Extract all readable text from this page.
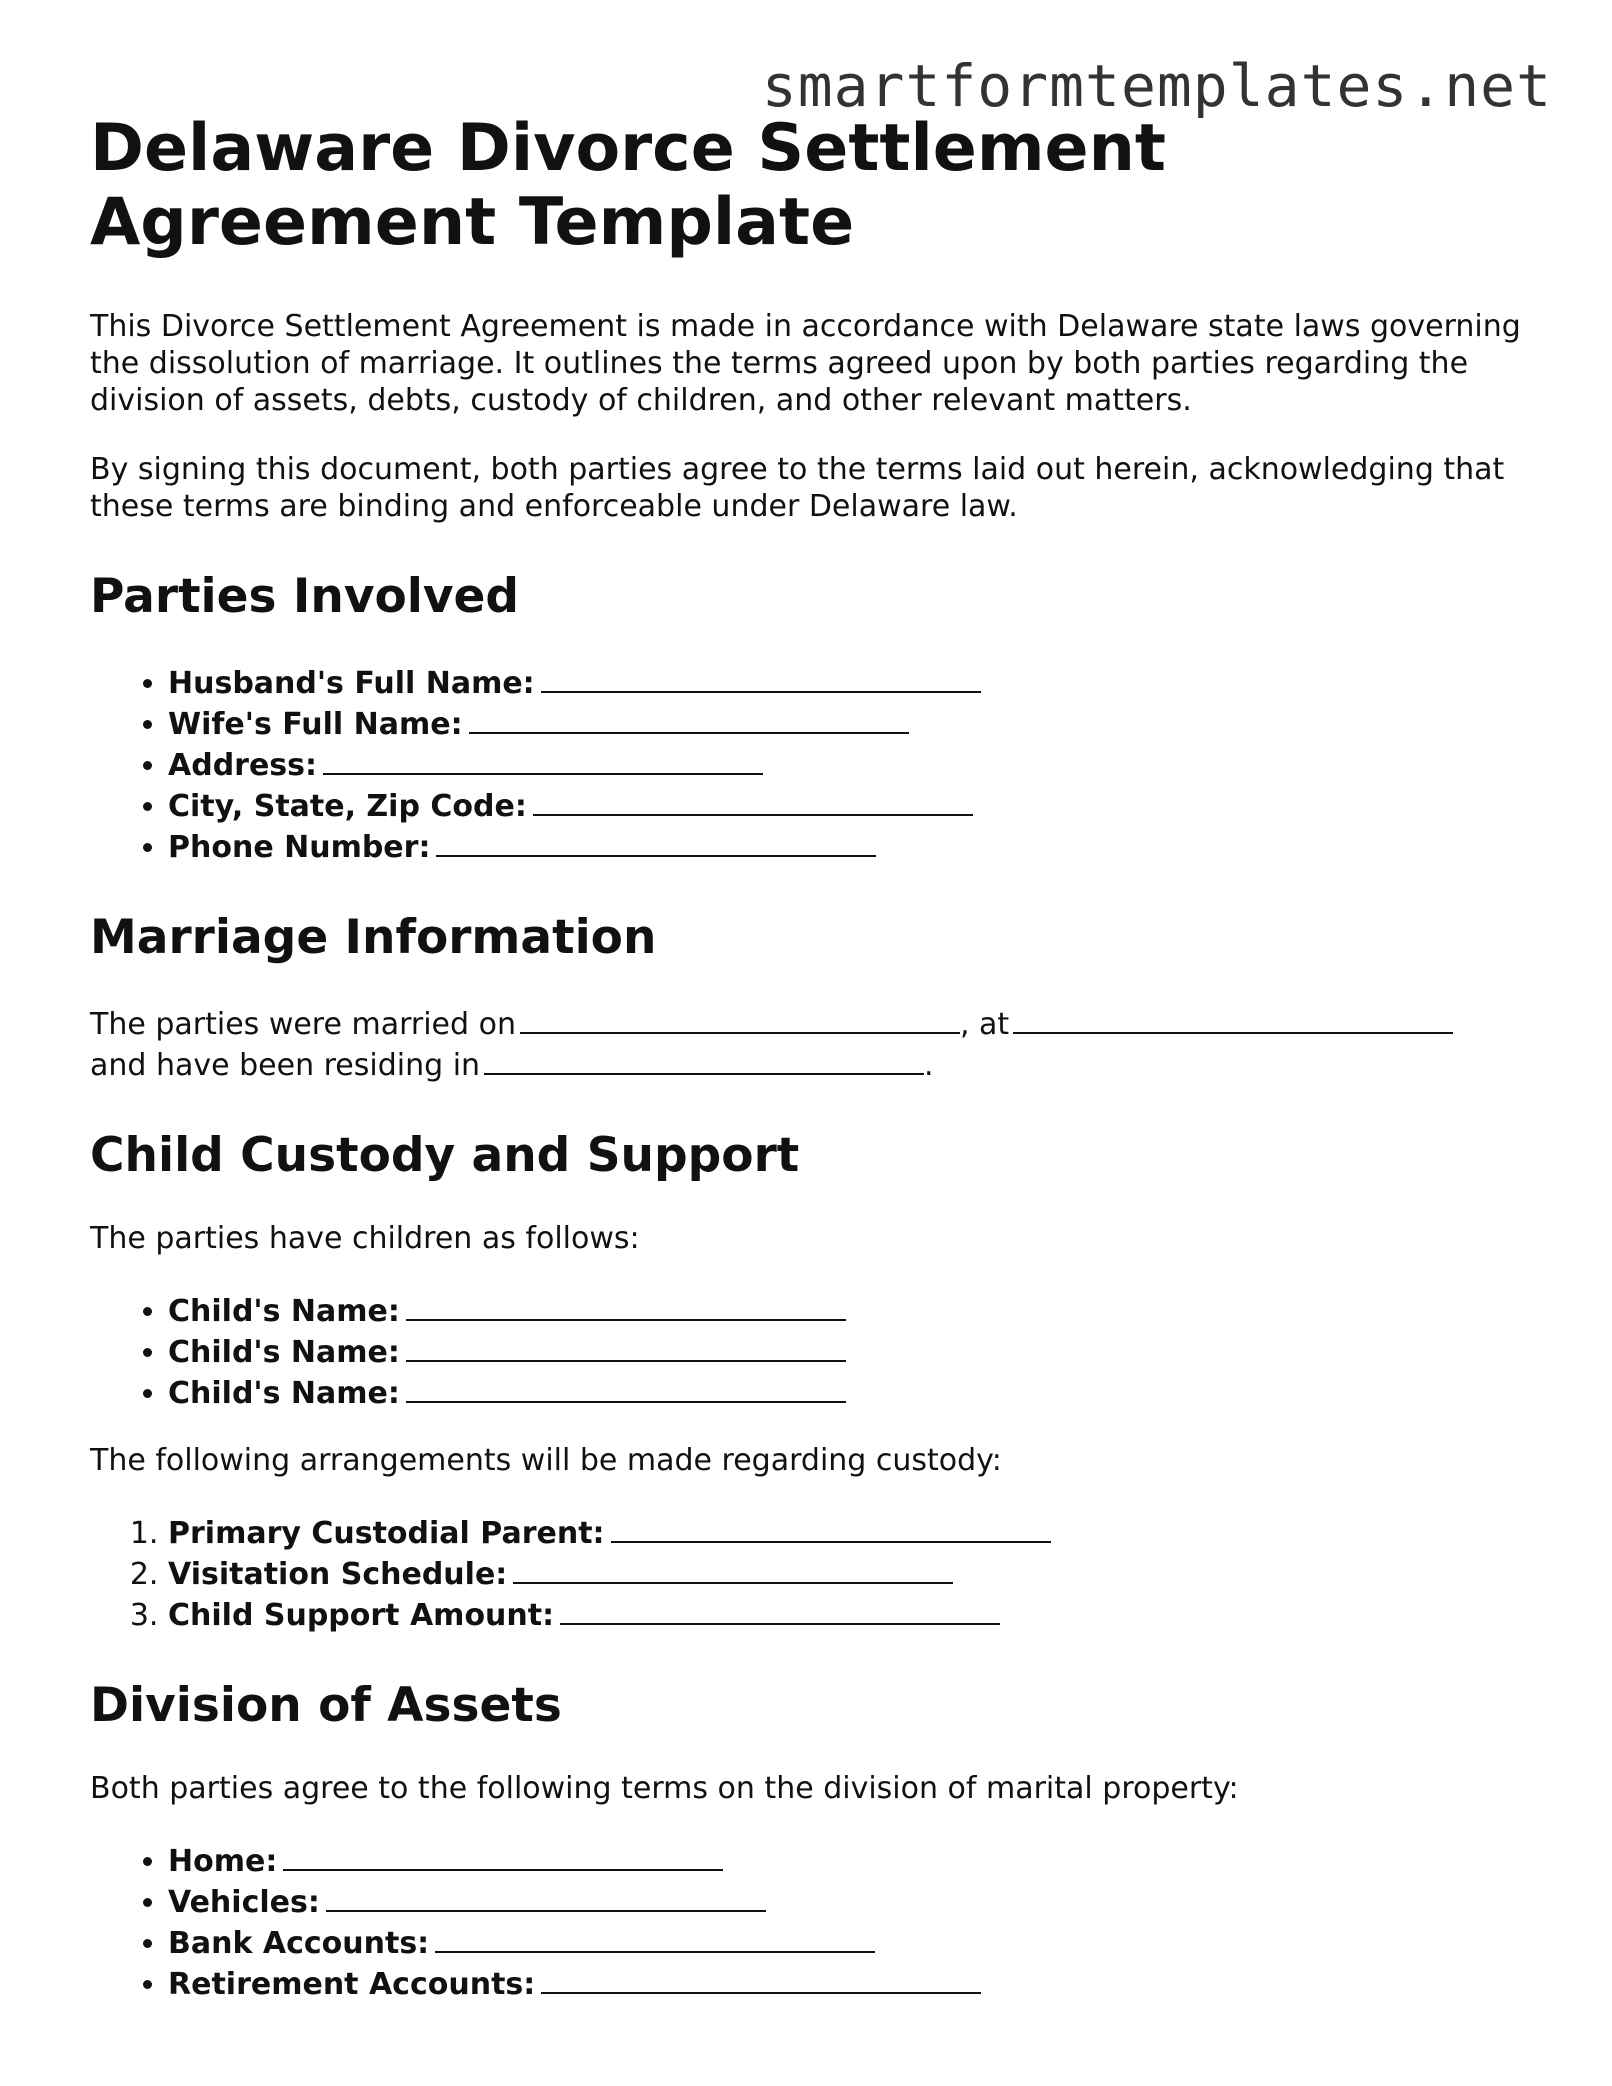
smartformtemplates.net
Delaware Divorce Settlement Agreement Template

This Divorce Settlement Agreement is made in accordance with Delaware state laws governing the dissolution of marriage. It outlines the terms agreed upon by both parties regarding the division of assets, debts, custody of children, and other relevant matters.

By signing this document, both parties agree to the terms laid out herein, acknowledging that these terms are binding and enforceable under Delaware law.

Parties Involved
• Husband's Full Name:
• Wife's Full Name:
• Address:
• City, State, Zip Code:
• Phone Number:
Marriage Information

The parties were married on	, at
and have been residing in	.

Child Custody and Support

The parties have children as follows:

• Child's Name:
• Child's Name:
• Child's Name:

The following arrangements will be made regarding custody:

1. Primary Custodial Parent:
2. Visitation Schedule:
3. Child Support Amount:
Division of Assets

Both parties agree to the following terms on the division of marital property:

• Home:
• Vehicles:
• Bank Accounts:
• Retirement Accounts:
